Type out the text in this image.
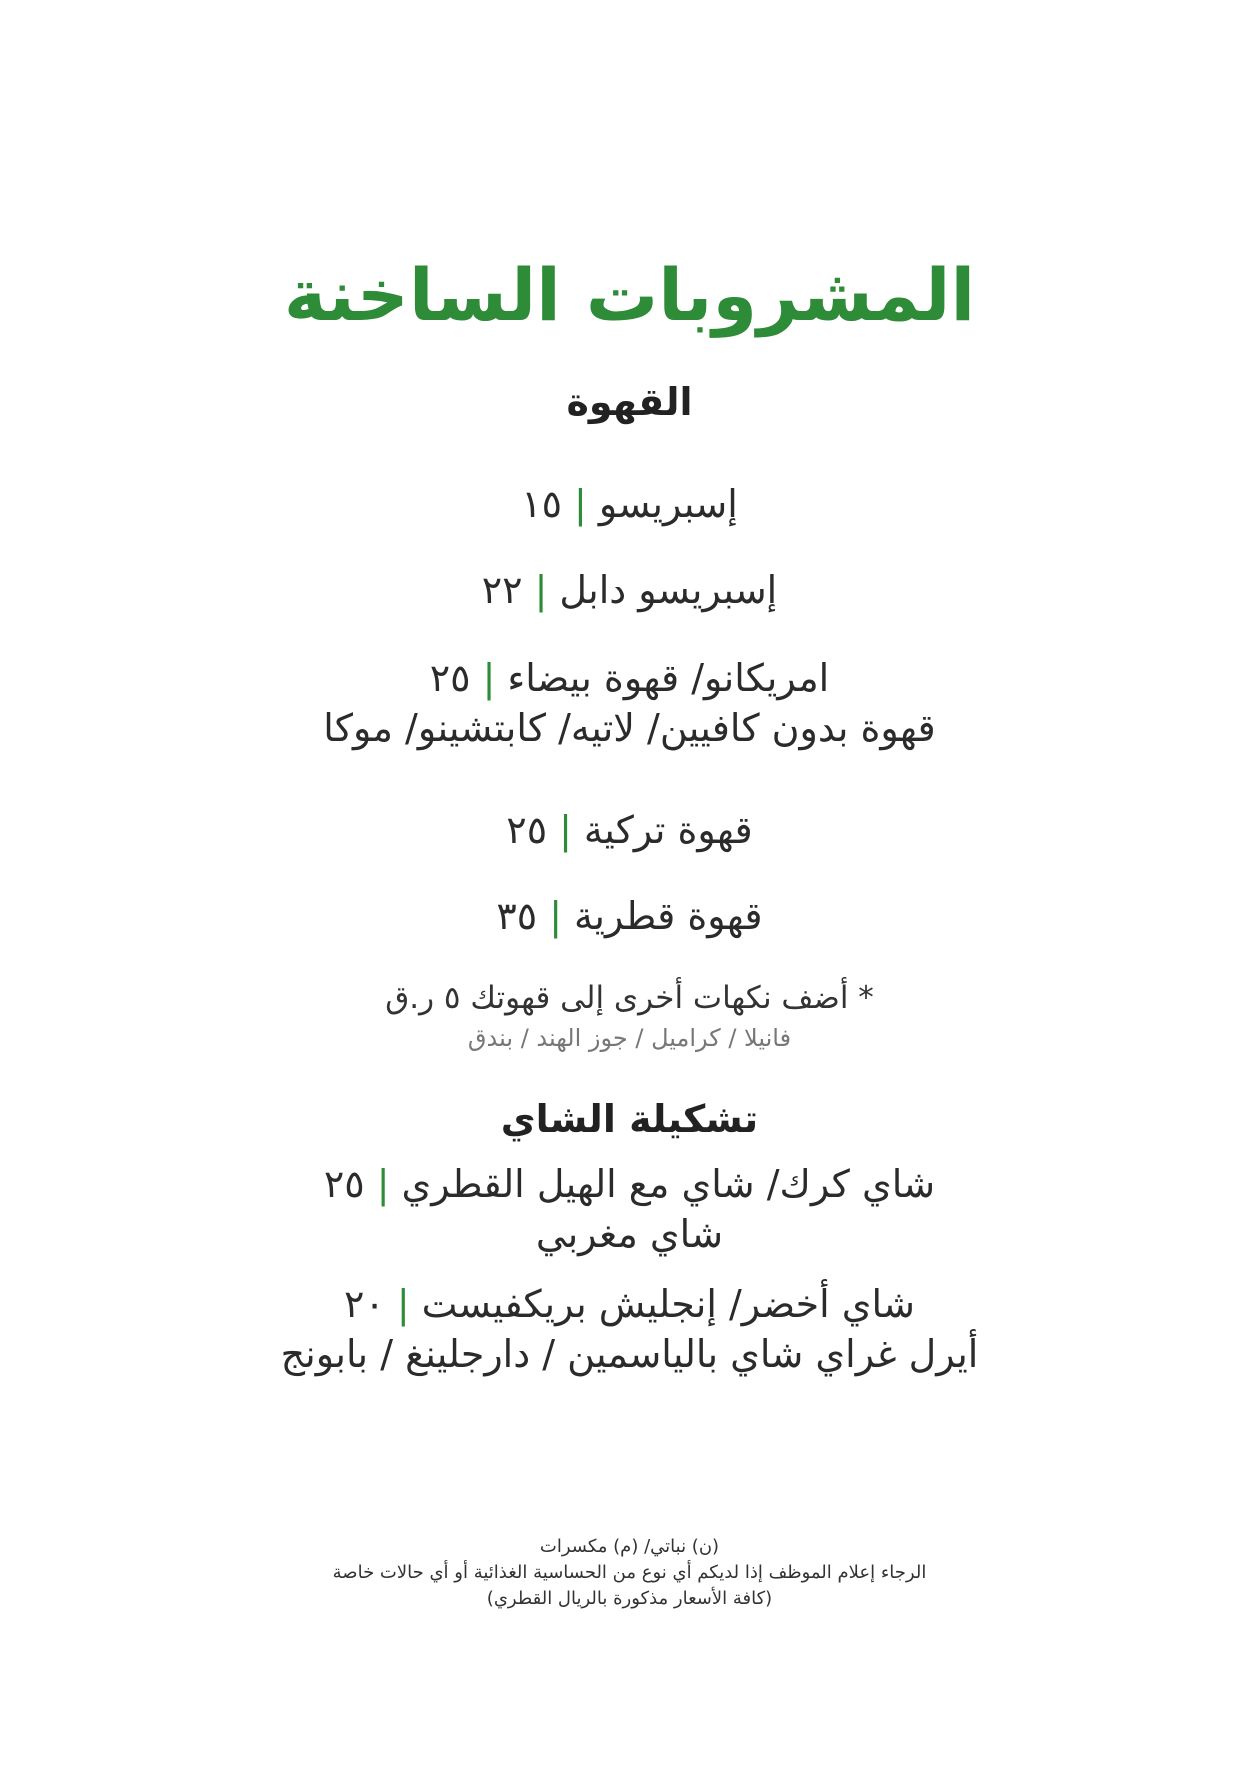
المشروبات الساخنة
القهوة
إسبريسو|١٥
إسبريسو دابل|٢٢
امريكانو/ قهوة بيضاء|٢٥
قهوة بدون كافيين/ لاتيه/ كابتشينو/ موكا
قهوة تركية|٢٥
قهوة قطرية|٣٥
* أضف نكهات أخرى إلى قهوتك ٥ ر.ق
فانيلا / كراميل / جوز الهند / بندق
تشكيلة الشاي
شاي كرك/ شاي مع الهيل القطري|٢٥
شاي مغربي
شاي أخضر/ إنجليش بريكفيست|٢٠
أيرل غراي شاي بالياسمين / دارجلينغ / بابونج
(ن) نباتي/ (م) مكسرات
الرجاء إعلام الموظف إذا لديكم أي نوع من الحساسية الغذائية أو أي حالات خاصة
(كافة الأسعار مذكورة بالريال القطري)
